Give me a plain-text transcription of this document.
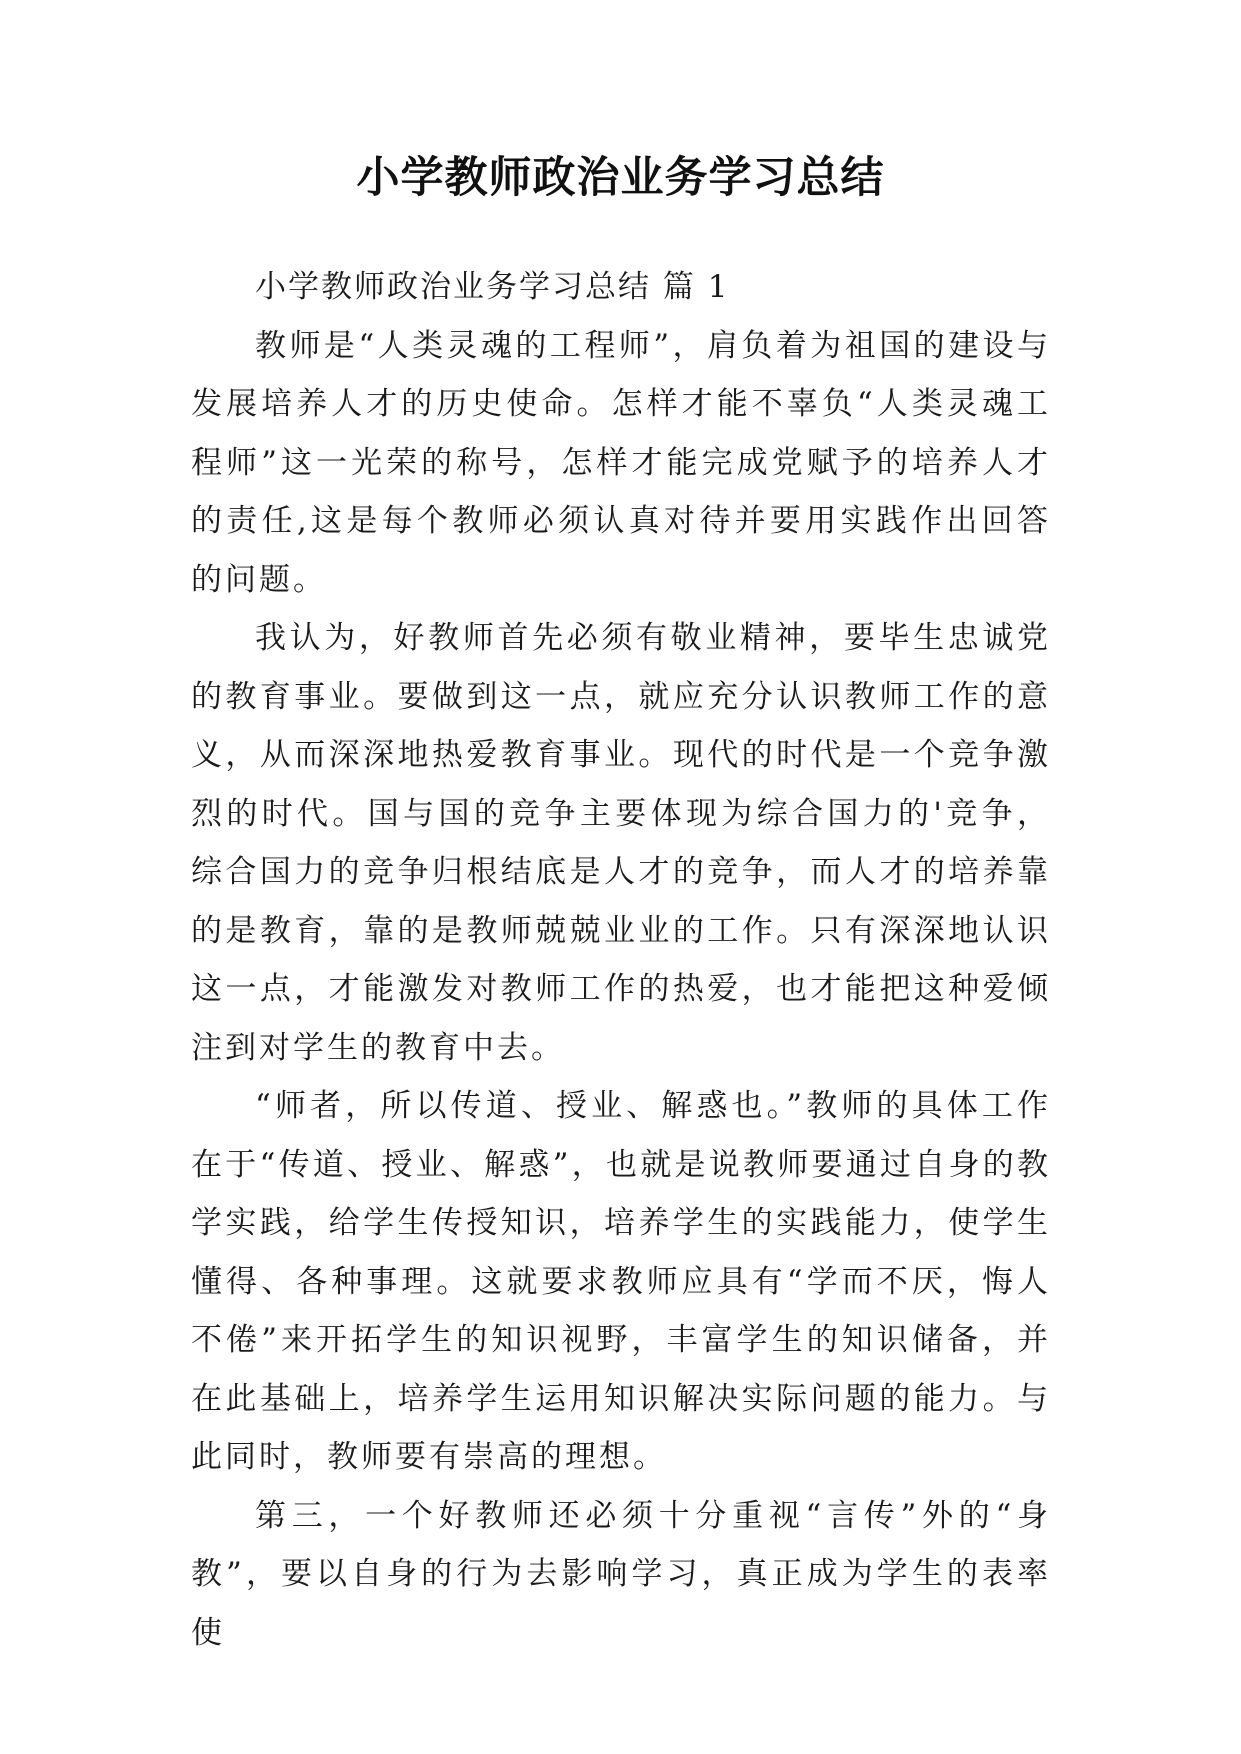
小学教师政治业务学习总结

小学教师政治业务学习总结 篇 1

教师是“人类灵魂的工程师”，肩负着为祖国的建设与发展培养人才的历史使命。怎样才能不辜负“人类灵魂工程师”这一光荣的称号，怎样才能完成党赋予的培养人才的责任,这是每个教师必须认真对待并要用实践作出回答的问题。

我认为，好教师首先必须有敬业精神，要毕生忠诚党的教育事业。要做到这一点，就应充分认识教师工作的意义，从而深深地热爱教育事业。现代的时代是一个竞争激烈的时代。国与国的竞争主要体现为综合国力的'竞争，综合国力的竞争归根结底是人才的竞争，而人才的培养靠的是教育，靠的是教师兢兢业业的工作。只有深深地认识这一点，才能激发对教师工作的热爱，也才能把这种爱倾注到对学生的教育中去。

“师者，所以传道、授业、解惑也。”教师的具体工作在于“传道、授业、解惑”，也就是说教师要通过自身的教学实践，给学生传授知识，培养学生的实践能力，使学生懂得、各种事理。这就要求教师应具有“学而不厌，悔人不倦”来开拓学生的知识视野，丰富学生的知识储备，并在此基础上，培养学生运用知识解决实际问题的能力。与此同时，教师要有崇高的理想。

第三，一个好教师还必须十分重视“言传”外的“身教”，要以自身的行为去影响学习，真正成为学生的表率使
